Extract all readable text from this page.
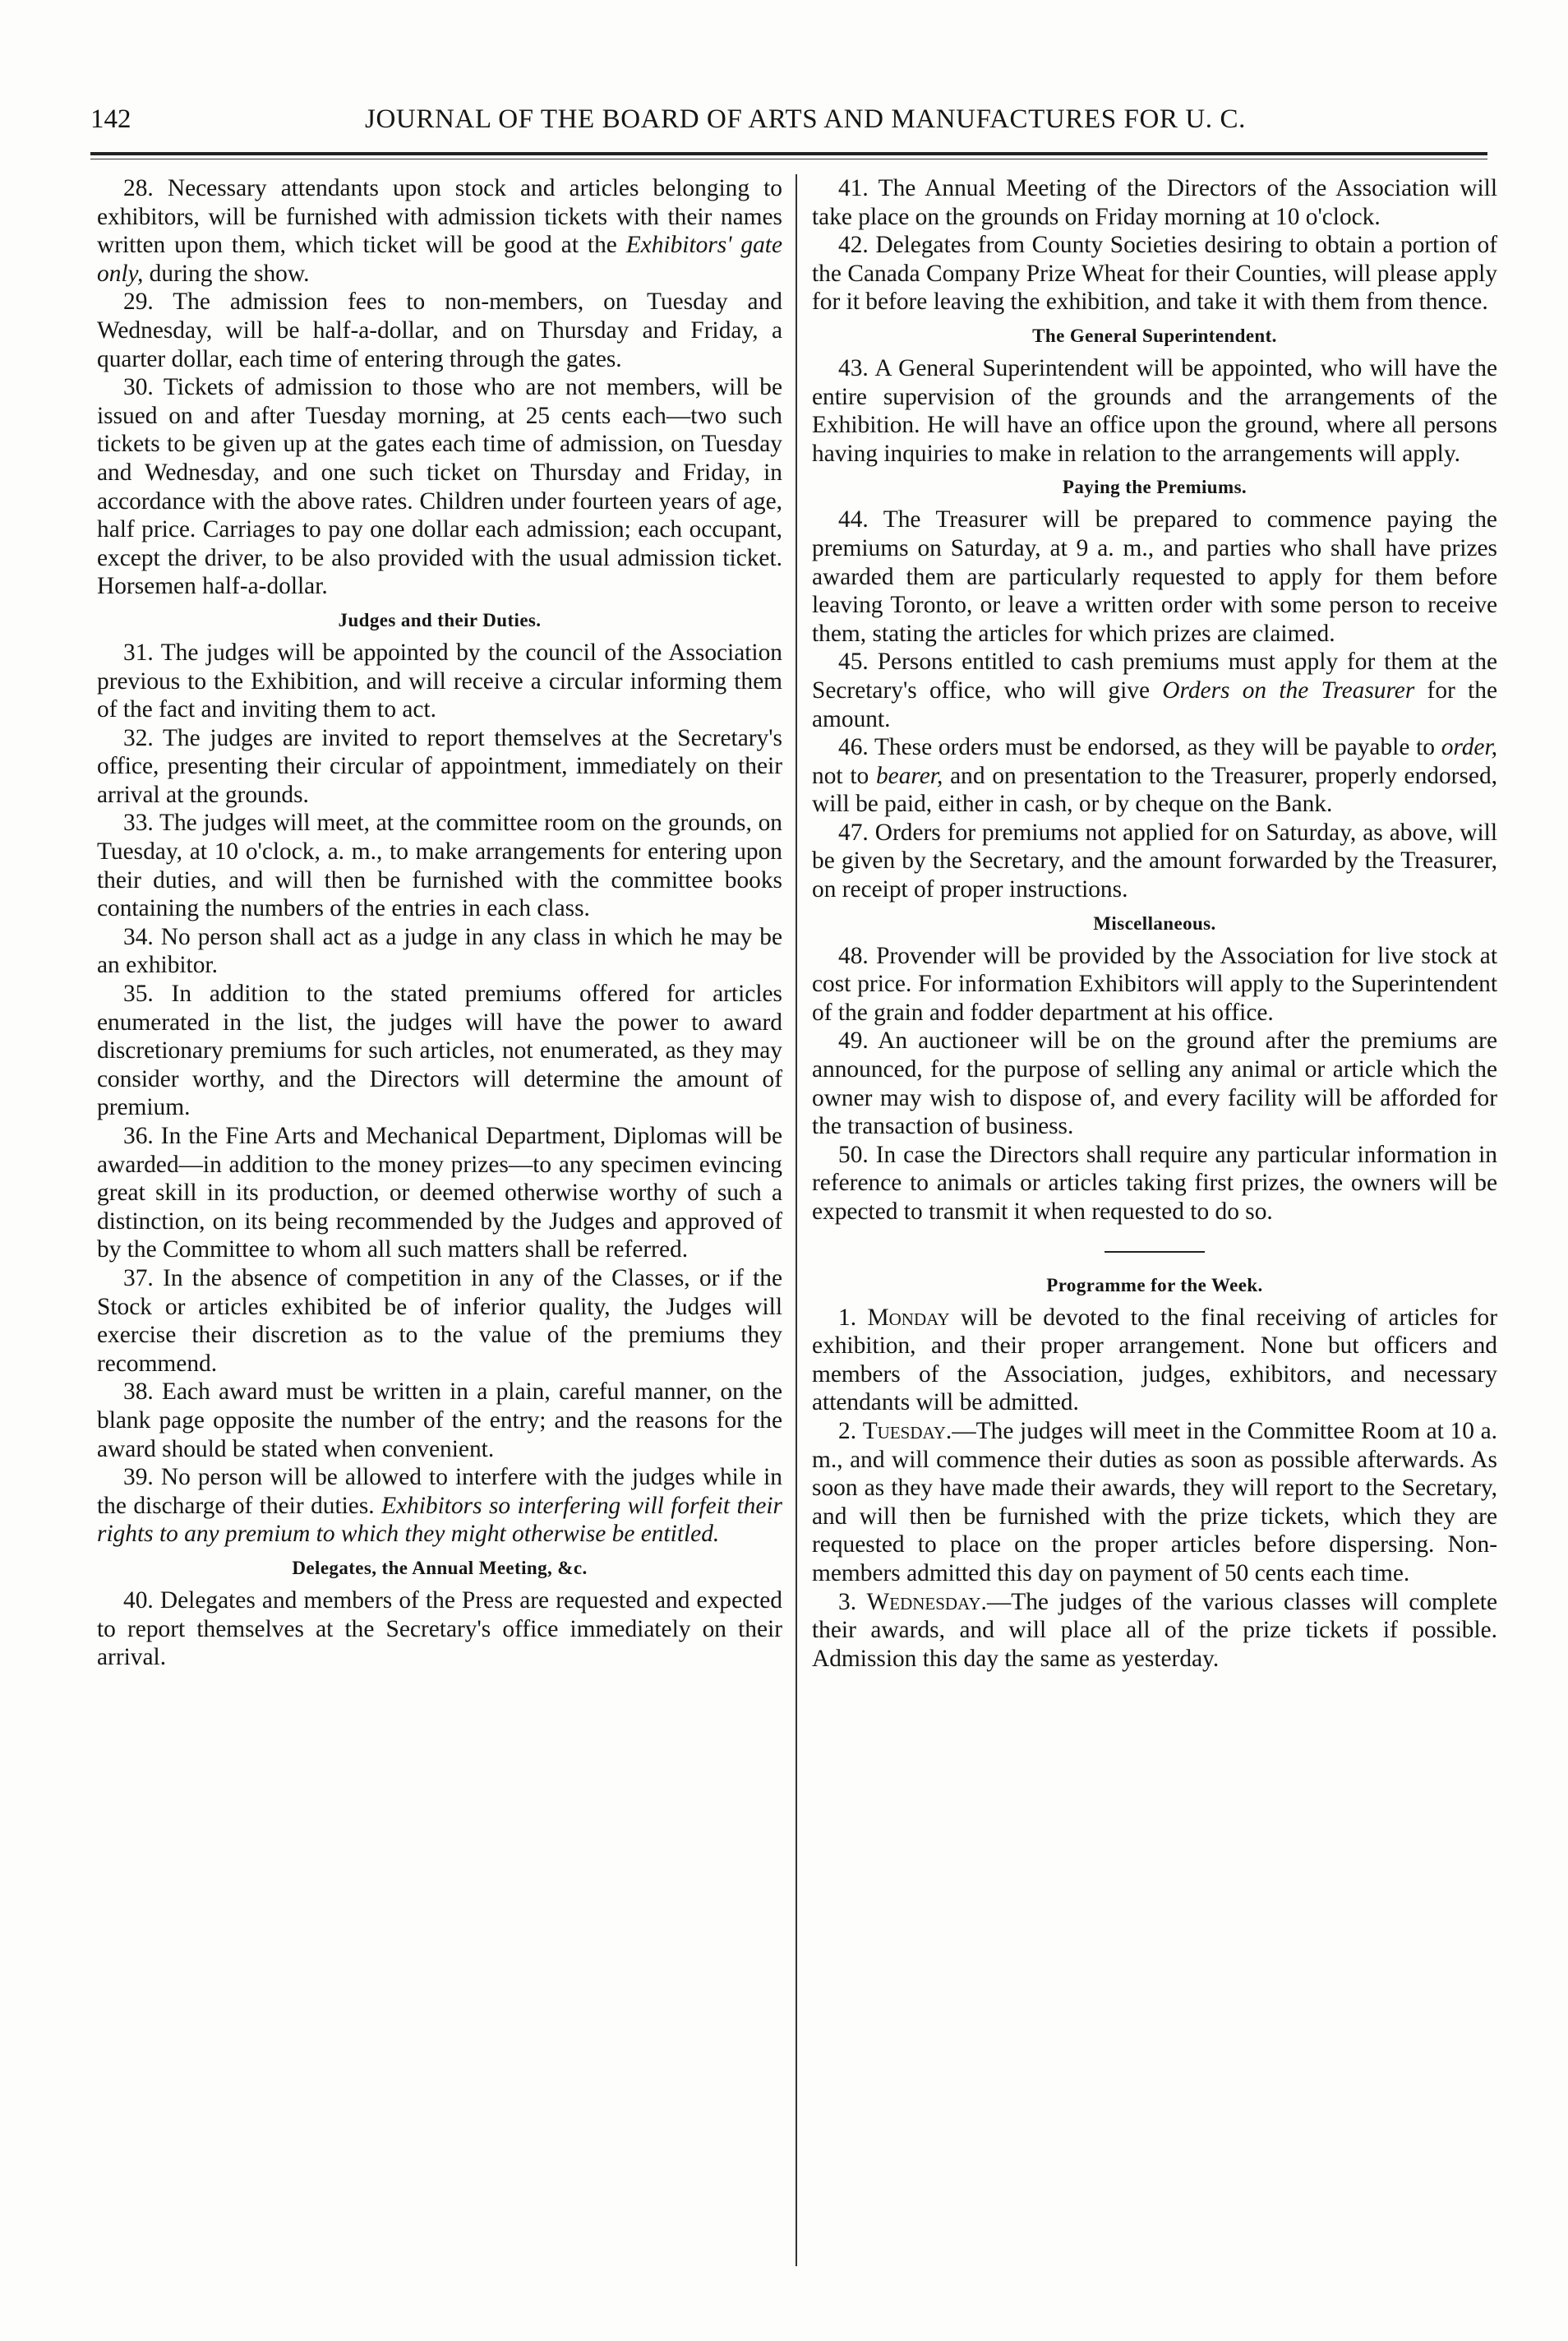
142	JOURNAL OF THE BOARD OF ARTS AND MANUFACTURES FOR U. C.

28. Necessary attendants upon stock and articles belonging to exhibitors, will be furnished with admission tickets with their names written upon them, which ticket will be good at the Exhibitors' gate only, during the show.

29. The admission fees to non-members, on Tuesday and Wednesday, will be half-a-dollar, and on Thursday and Friday, a quarter dollar, each time of entering through the gates.

30. Tickets of admission to those who are not members, will be issued on and after Tuesday morning, at 25 cents each—two such tickets to be given up at the gates each time of admission, on Tuesday and Wednesday, and one such ticket on Thursday and Friday, in accordance with the above rates. Children under fourteen years of age, half price. Carriages to pay one dollar each admission; each occupant, except the driver, to be also provided with the usual admission ticket. Horsemen half-a-dollar.

Judges and their Duties.

31. The judges will be appointed by the council of the Association previous to the Exhibition, and will receive a circular informing them of the fact and inviting them to act.

32. The judges are invited to report themselves at the Secretary's office, presenting their circular of appointment, immediately on their arrival at the grounds.

33. The judges will meet, at the committee room on the grounds, on Tuesday, at 10 o'clock, a. m., to make arrangements for entering upon their duties, and will then be furnished with the committee books containing the numbers of the entries in each class.

34. No person shall act as a judge in any class in which he may be an exhibitor.

35. In addition to the stated premiums offered for articles enumerated in the list, the judges will have the power to award discretionary premiums for such articles, not enumerated, as they may consider worthy, and the Directors will determine the amount of premium.

36. In the Fine Arts and Mechanical Department, Diplomas will be awarded—in addition to the money prizes—to any specimen evincing great skill in its production, or deemed otherwise worthy of such a distinction, on its being recommended by the Judges and approved of by the Committee to whom all such matters shall be referred.

37. In the absence of competition in any of the Classes, or if the Stock or articles exhibited be of inferior quality, the Judges will exercise their discretion as to the value of the premiums they recommend.

38. Each award must be written in a plain, careful manner, on the blank page opposite the number of the entry; and the reasons for the award should be stated when convenient.

39. No person will be allowed to interfere with the judges while in the discharge of their duties. Exhibitors so interfering will forfeit their rights to any premium to which they might otherwise be entitled.

Delegates, the Annual Meeting, &c.

40. Delegates and members of the Press are requested and expected to report themselves at the Secretary's office immediately on their arrival.

41. The Annual Meeting of the Directors of the Association will take place on the grounds on Friday morning at 10 o'clock.

42. Delegates from County Societies desiring to obtain a portion of the Canada Company Prize Wheat for their Counties, will please apply for it before leaving the exhibition, and take it with them from thence.

The General Superintendent.

43. A General Superintendent will be appointed, who will have the entire supervision of the grounds and the arrangements of the Exhibition. He will have an office upon the ground, where all persons having inquiries to make in relation to the arrangements will apply.

Paying the Premiums.

44. The Treasurer will be prepared to commence paying the premiums on Saturday, at 9 a. m., and parties who shall have prizes awarded them are particularly requested to apply for them before leaving Toronto, or leave a written order with some person to receive them, stating the articles for which prizes are claimed.

45. Persons entitled to cash premiums must apply for them at the Secretary's office, who will give Orders on the Treasurer for the amount.

46. These orders must be endorsed, as they will be payable to order, not to bearer, and on presentation to the Treasurer, properly endorsed, will be paid, either in cash, or by cheque on the Bank.

47. Orders for premiums not applied for on Saturday, as above, will be given by the Secretary, and the amount forwarded by the Treasurer, on receipt of proper instructions.

Miscellaneous.

48. Provender will be provided by the Association for live stock at cost price. For information Exhibitors will apply to the Superintendent of the grain and fodder department at his office.

49. An auctioneer will be on the ground after the premiums are announced, for the purpose of selling any animal or article which the owner may wish to dispose of, and every facility will be afforded for the transaction of business.

50. In case the Directors shall require any particular information in reference to animals or articles taking first prizes, the owners will be expected to transmit it when requested to do so.

Programme for the Week.

1. Monday will be devoted to the final receiving of articles for exhibition, and their proper arrangement. None but officers and members of the Association, judges, exhibitors, and necessary attendants will be admitted.

2. Tuesday.—The judges will meet in the Committee Room at 10 a. m., and will commence their duties as soon as possible afterwards. As soon as they have made their awards, they will report to the Secretary, and will then be furnished with the prize tickets, which they are requested to place on the proper articles before dispersing. Non-members admitted this day on payment of 50 cents each time.

3. Wednesday.—The judges of the various classes will complete their awards, and will place all of the prize tickets if possible. Admission this day the same as yesterday.
